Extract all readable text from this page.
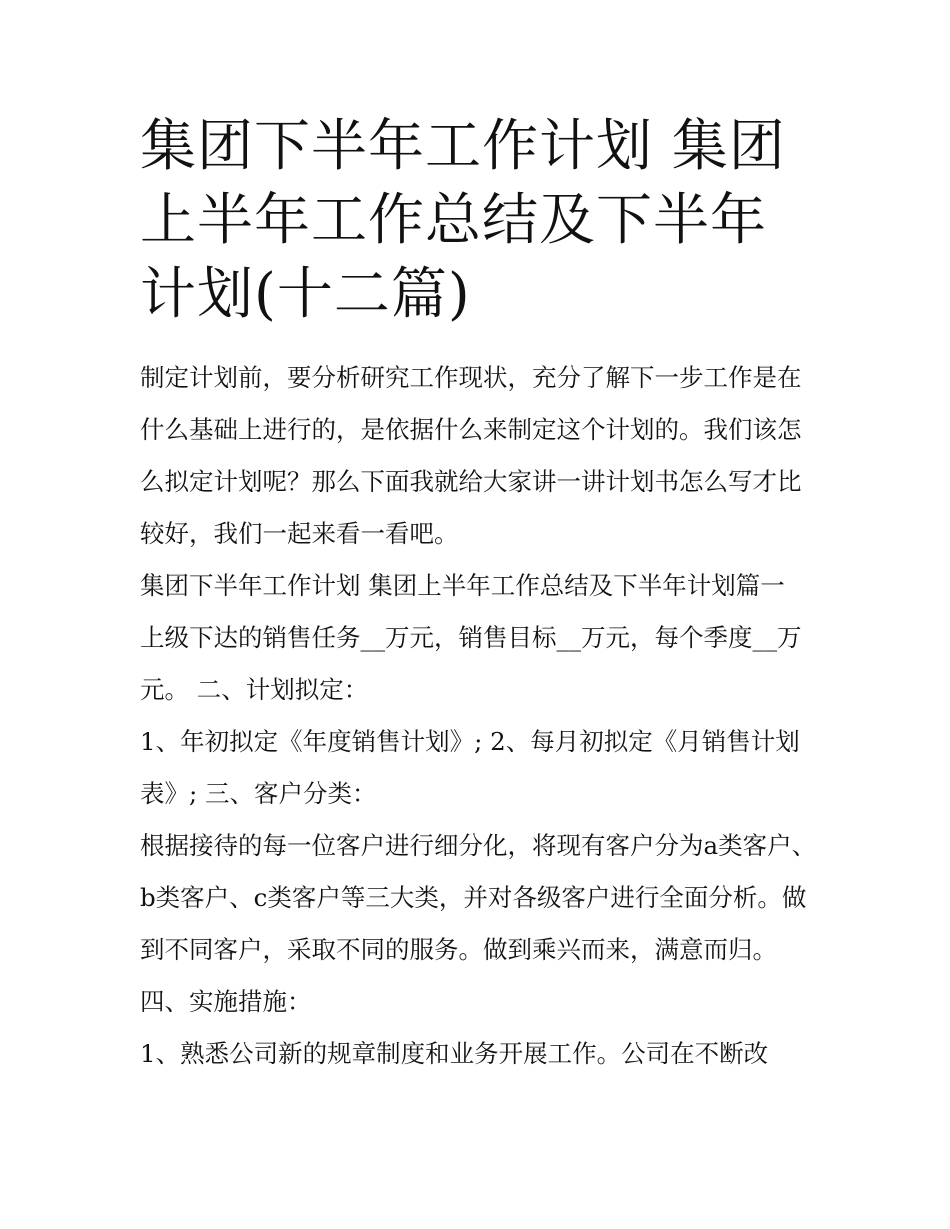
集团下半年工作计划 集团上半年工作总结及下半年计划(十二篇)

制定计划前，要分析研究工作现状，充分了解下一步工作是在什么基础上进行的，是依据什么来制定这个计划的。我们该怎么拟定计划呢？那么下面我就给大家讲一讲计划书怎么写才比较好，我们一起来看一看吧。

集团下半年工作计划 集团上半年工作总结及下半年计划篇一

上级下达的销售任务__万元，销售目标__万元，每个季度__万元。 二、计划拟定：

1、年初拟定《年度销售计划》; 2、每月初拟定《月销售计划表》; 三、客户分类：

根据接待的每一位客户进行细分化，将现有客户分为a类客户、b类客户、c类客户等三大类，并对各级客户进行全面分析。做到不同客户，采取不同的服务。做到乘兴而来，满意而归。

四、实施措施：

1、熟悉公司新的规章制度和业务开展工作。公司在不断改
